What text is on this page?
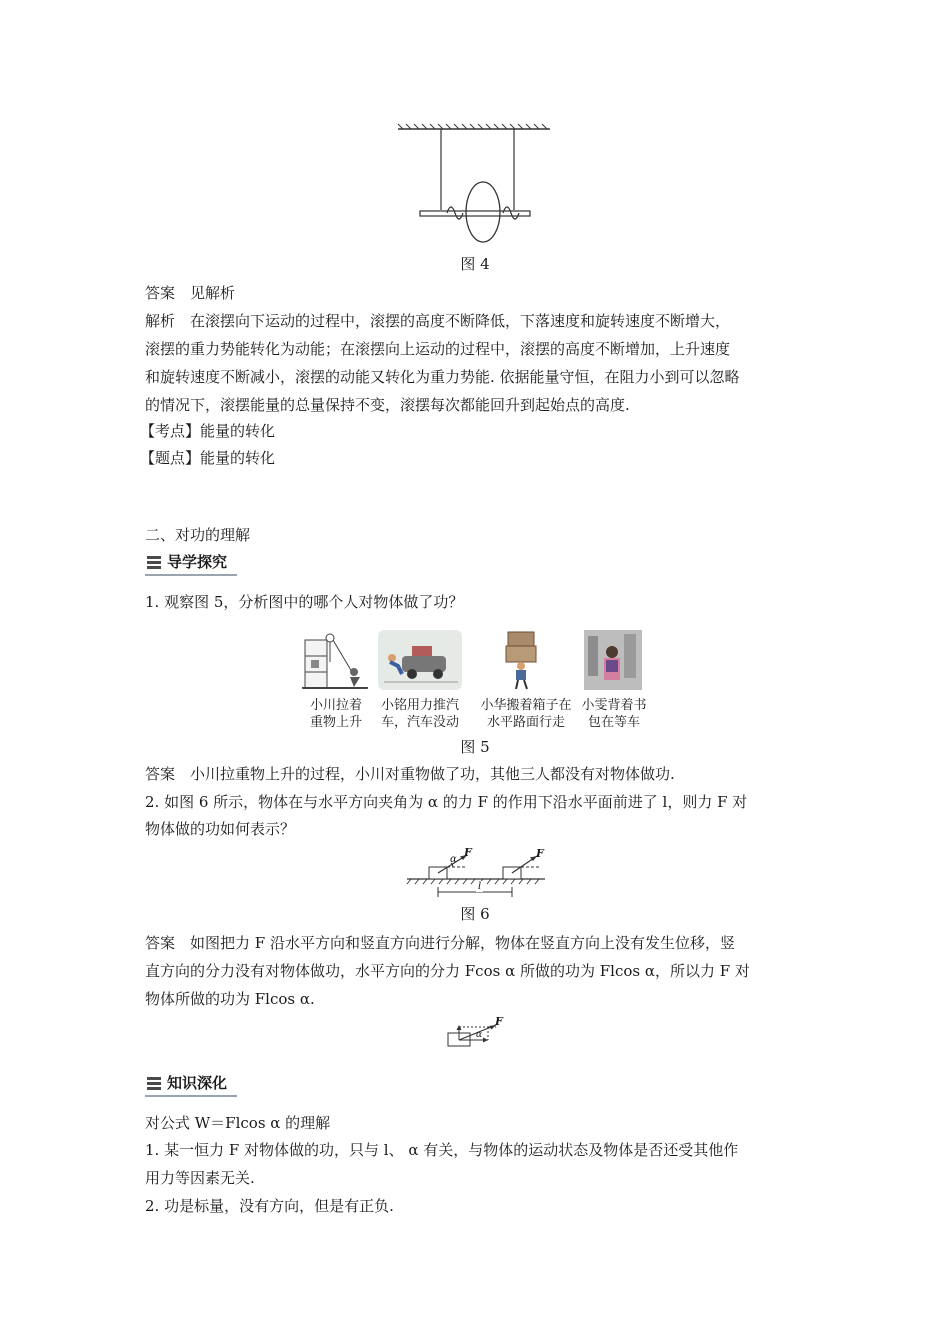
图 4
答案　 见解析
解析　 在滚摆向下运动的过程中，滚摆的高度不断降低，下落速度和旋转速度不断增大，
滚摆的重力势能转化为动能；在滚摆向上运动的过程中，滚摆的高度不断增加，上升速度
和旋转速度不断减小，滚摆的动能又转化为重力势能. 依据能量守恒，在阻力小到可以忽略
的情况下，滚摆能量的总量保持不变，滚摆每次都能回升到起始点的高度.
【考点】能量的转化
【题点】能量的转化
二、对功的理解
导学探究
1. 观察图 5，分析图中的哪个人对物体做了功？
小川拉着
重物上升
小铭用力推汽
车，汽车没动
小华搬着箱子在
水平路面行走
小雯背着书
包在等车
图 5
答案　小川拉重物上升的过程，小川对重物做了功，其他三人都没有对物体做功.
2. 如图 6 所示，物体在与水平方向夹角为 α 的力 F 的作用下沿水平面前进了 l，则力 F 对
物体做的功如何表示？
F	F
α
l
图 6
答案　如图把力 F 沿水平方向和竖直方向进行分解，物体在竖直方向上没有发生位移，竖
直方向的分力没有对物体做功，水平方向的分力 Fcos α 所做的功为 Flcos α，所以力 F 对
物体所做的功为 Flcos α.
F
α
知识深化
对公式 W＝Flcos α 的理解
1. 某一恒力 F 对物体做的功，只与 l、 α 有关，与物体的运动状态及物体是否还受其他作
用力等因素无关.
2. 功是标量，没有方向，但是有正负.
